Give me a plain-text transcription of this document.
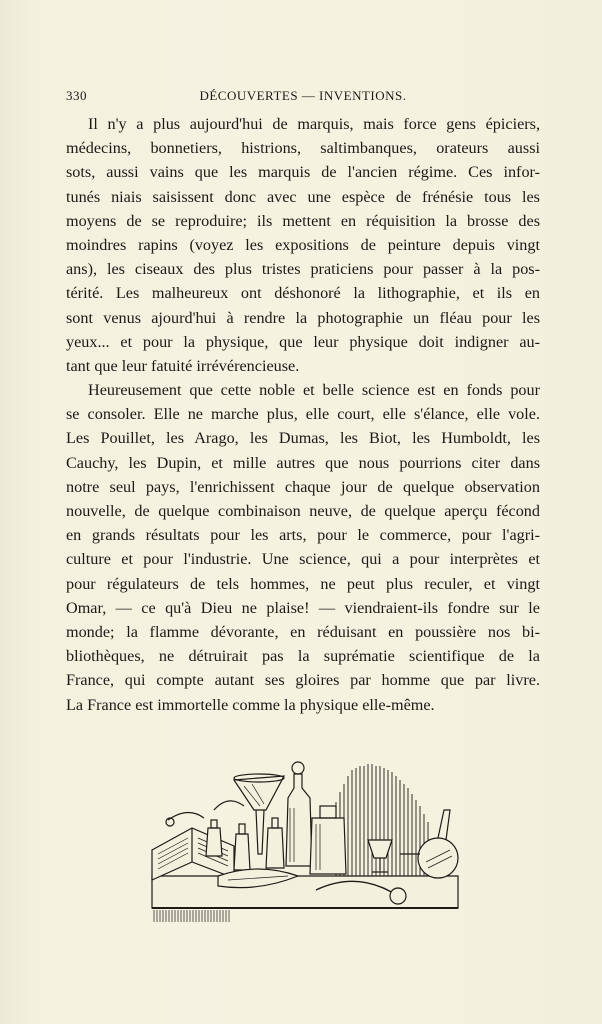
330	DÉCOUVERTES — INVENTIONS.
Il n'y a plus aujourd'hui de marquis, mais force gens épiciers,
médecins, bonnetiers, histrions, saltimbanques, orateurs aussi
sots, aussi vains que les marquis de l'ancien régime. Ces infor-
tunés niais saisissent donc avec une espèce de frénésie tous les
moyens de se reproduire; ils mettent en réquisition la brosse des
moindres rapins (voyez les expositions de peinture depuis vingt
ans), les ciseaux des plus tristes praticiens pour passer à la pos-
térité. Les malheureux ont déshonoré la lithographie, et ils en
sont venus ajourd'hui à rendre la photographie un fléau pour les
yeux... et pour la physique, que leur physique doit indigner au-
tant que leur fatuité irrévérencieuse.
Heureusement que cette noble et belle science est en fonds pour
se consoler. Elle ne marche plus, elle court, elle s'élance, elle vole.
Les Pouillet, les Arago, les Dumas, les Biot, les Humboldt, les
Cauchy, les Dupin, et mille autres que nous pourrions citer dans
notre seul pays, l'enrichissent chaque jour de quelque observation
nouvelle, de quelque combinaison neuve, de quelque aperçu fécond
en grands résultats pour les arts, pour le commerce, pour l'agri-
culture et pour l'industrie. Une science, qui a pour interprètes et
pour régulateurs de tels hommes, ne peut plus reculer, et vingt
Omar, — ce qu'à Dieu ne plaise! — viendraient-ils fondre sur le
monde; la flamme dévorante, en réduisant en poussière nos bi-
bliothèques, ne détruirait pas la suprématie scientifique de la
France, qui compte autant ses gloires par homme que par livre.
La France est immortelle comme la physique elle-même.
